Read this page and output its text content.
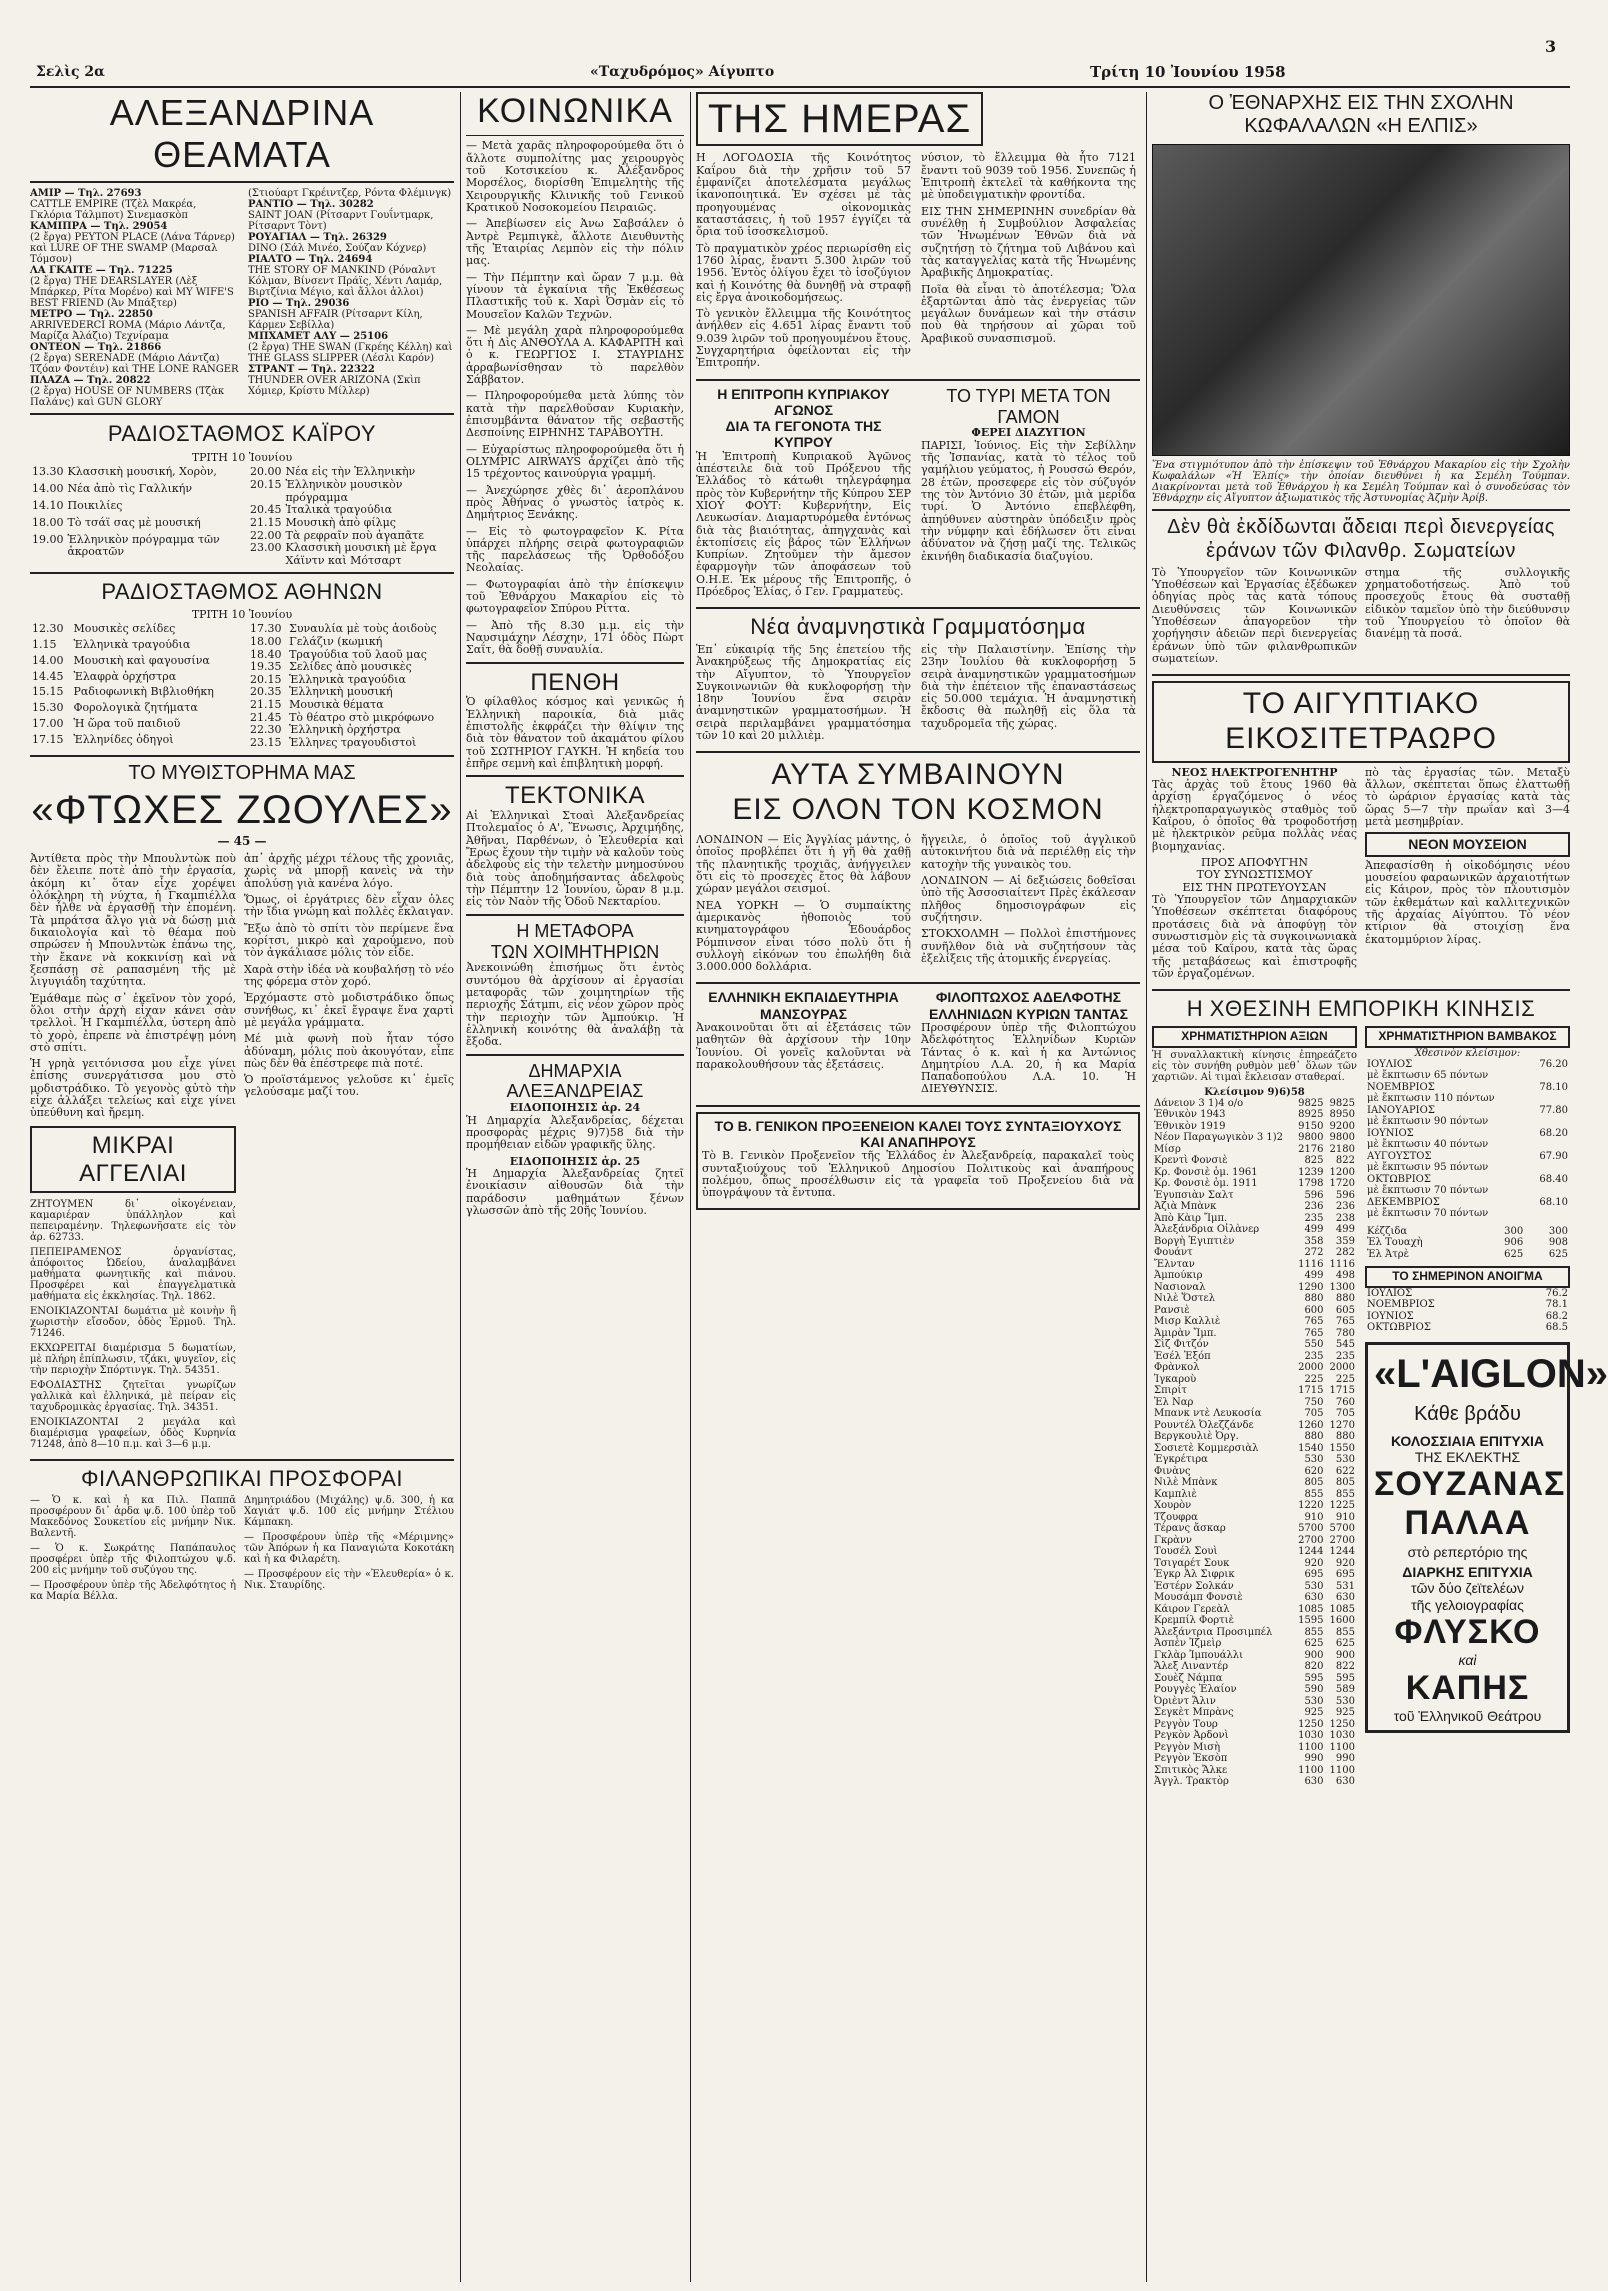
3
Σελὶς 2α	«Ταχυδρόμος» Αίγυπτο	Τρίτη 10 Ἰουνίου 1958
ΑΛΕΞΑΝΔΡΙΝΑ ΘΕΑΜΑΤΑ
ΑΜΙΡ — Τηλ. 27693
CATTLE EMPIRE (Τζὲλ Μακρέα, Γκλόρια Τάλμποτ) Σινεμασκὸπ
ΚΑΜΙΠΡΑ — Τηλ. 29054
(2 ἔργα) PEYTON PLACE (Λάνα Τάρνερ) καὶ LURE OF THE SWAMP (Μαρσαλ Τόμσον)
ΛΑ ΓΚΑΙΤΕ — Τηλ. 71225
(2 ἔργα) THE DEARSLAYER (Λὲξ Μπάρκερ, Ρίτα Μορένο) καὶ MY WIFE'S BEST FRIEND (Ἀν Μπάξτερ)
ΜΕΤΡΟ — Τηλ. 22850
ARRIVEDERCI ROMA (Μάριο Λάντζα, Μαρίζα Ἀλάζιο) Τεχνίραμα
ΟΝΤΕΟΝ — Τηλ. 21866
(2 ἔργα) SERENADE (Μάριο Λάντζα) Τζόαν Φοντέιν) καὶ THE LONE RANGER
ΠΛΑΖΑ — Τηλ. 20822
(2 ἔργα) HOUSE OF NUMBERS (Τζὰκ Παλάνς) καὶ GUN GLORY
(Στιούαρτ Γκρέιντζερ, Ρόντα Φλέμινγκ)
ΡΑΝΤΙΟ — Τηλ. 30282
SAINT JOAN (Ρίτσαρντ Γουΐντμαρκ, Ρίτσαρντ Τὸντ)
ΡΟΥΑΓΙΑΛ — Τηλ. 26329
DINO (Σάλ Μινέο, Σούζαν Κόχνερ)
ΡΙΑΛΤΟ — Τηλ. 24694
THE STORY OF MANKIND (Ρόναλντ Κόλμαν, Βίνσεντ Πράϊς, Χέντι Λαμάρ, Βιρτζίνια Μέγιο, καὶ ἄλλοι ἀλλοι)
ΡΙΟ — Τηλ. 29036
SPANISH AFFAIR (Ρίτσαρντ Κίλη, Κάρμεν Σεβίλλα)
ΜΠΧΑΜΕΤ ΑΛΥ — 25106
(2 ἔργα) THE SWAN (Γκρέης Κέλλη) καὶ THE GLASS SLIPPER (Λέσλι Καρόν)
ΣΤΡΑΝΤ — Τηλ. 22322
THUNDER OVER ARIZONA (Σκὶπ Χόμιερ, Κρίστυ Μίλλερ)
ΡΑΔΙΟΣΤΑΘΜΟΣ ΚΑΪΡΟΥ
ΤΡΙΤΗ 10 Ἰουνίου
13.30	Κλασσικὴ μουσική, Χορὸν,
14.00	Νέα ἀπὸ τὶς Γαλλικήν
14.10	Ποικιλίες
18.00	Τὸ τσάϊ σας μὲ μουσική
19.00	Ἑλληνικὸν πρόγραμμα τῶν ἀκροατῶν
20.00	Νέα εἰς τὴν Ἑλληνικὴν
20.15	Ἑλληνικὸν μουσικὸν πρόγραμμα
20.45	Ἰταλικὰ τραγούδια
21.15	Μουσικὴ ἀπὸ φίλμς
22.00	Τὰ ρεφραῖν ποὺ ἀγαπᾶτε
23.00	Κλασσικὴ μουσικὴ μὲ ἔργα Χάϊντν καὶ Μότσαρτ
ΡΑΔΙΟΣΤΑΘΜΟΣ ΑΘΗΝΩΝ
ΤΡΙΤΗ 10 Ἰουνίου
12.30	Μουσικὲς σελίδες
1.15	Ἑλληνικὰ τραγούδια
14.00	Μουσικὴ καὶ φαγουσίνα
14.45	Ἐλαφρὰ ὀρχήστρα
15.15	Ραδιοφωνικὴ Βιβλιοθήκη
15.30	Φορολογικὰ ζητήματα
17.00	Ἡ ὥρα τοῦ παιδιοῦ
17.15	Ἑλληνίδες ὁδηγοὶ
17.30	Συναυλία μὲ τοὺς ἀοιδοὺς
18.00	Γελάζιν (κωμική
18.40	Τραγούδια τοῦ λαοῦ μας
19.35	Σελίδες ἀπὸ μουσικὲς
20.15	Ἑλληνικὰ τραγούδια
20.35	Ἑλληνικὴ μουσική
21.15	Μουσικὰ θέματα
21.45	Τὸ θέατρο στὸ μικρόφωνο
22.30	Ἑλληνικὴ ὀρχήστρα
23.15	Ἑλληνες τραγουδιστοὶ
ΤΟ ΜΥΘΙΣΤΟΡΗΜΑ ΜΑΣ
«ΦΤΩΧΕΣ ΖΩΟΥΛΕΣ»
— 45 —

Ἀντίθετα πρὸς τὴν Μπουλντὼκ ποὺ δὲν ἔλειπε ποτὲ ἀπὸ τὴν ἐργασία, ἀκόμη κι᾽ ὅταν εἶχε χορέψει ὁλόκληρη τὴ νύχτα, ἡ Γκαμπιέλλα δὲν ἦλθε νὰ ἐργασθῇ τὴν ἑπομένη. Τὰ μπράτσα ἄλγο γιὰ νὰ δώσῃ μιὰ δικαιολογία καὶ τὸ θέαμα ποὺ σπρώσεν ἡ Μπουλντὼκ ἐπάνω της, τὴν ἔκανε νὰ κοκκινίσῃ καὶ νὰ ξεσπάσῃ σὲ ραπασμένη τῆς μὲ λιγυγιάδη ταχύτητα.

Ἐμάθαμε πὼς σ᾽ ἐκεῖνον τὸν χορό, ὅλοι στὴν ἀρχὴ εἶχαν κάνει σὰν τρελλοὶ. Ἡ Γκαμπιέλλα, ὑστερη ἀπὸ τὸ χορὸ, ἐπρεπε νὰ ἐπιστρέψῃ μόνη στὸ σπίτι.

Ἡ γρηὰ γειτόνισσα μου εἶχε γίνει ἐπίσης συνεργάτισσα μου στὸ μοδιστράδικο. Τὸ γεγονὸς αὐτὸ τὴν εἶχε ἀλλάξει τελείως καὶ εἶχε γίνει ὑπεύθυνη καὶ ἤρεμη.

ΜΙΚΡΑΙ
ΑΓΓΕΛΙΑΙ

ΖΗΤΟΥΜΕΝ δι᾽ οἰκογένειαν, καμαριέραν ὑπάλληλον καὶ πεπειραμένην. Τηλεφωνῆσατε εἰς τὸν ἀρ. 62733.

ΠΕΠΕΙΡΑΜΕΝΟΣ ὀργανίστας, ἀπόφοιτος Ὠδείου, ἀναλαμβάνει μαθήματα φωνητικῆς καὶ πιάνου. Προσφέρει καὶ ἐπαγγελματικὰ μαθήματα εἰς ἐκκλησίας. Τηλ. 1862.

ΕΝΟΙΚΙΑΖΟΝΤΑΙ δωμάτια μὲ κοινὴν ἢ χωριστὴν εἴσοδον, ὁδὸς Ἑρμοῦ. Τηλ. 71246.

ΕΚΧΩΡΕΙΤΑΙ διαμέρισμα 5 δωματίων, μὲ πλήρη ἐπίπλωσιν, τζάκι, ψυγεῖον, εἰς τὴν περιοχὴν Σπόρτινγκ. Τηλ. 54351.

ΕΦΟΔΙΑΣΤΗΣ ζητεῖται γνωρίζων γαλλικὰ καὶ ἑλληνικά, μὲ πείραν εἰς ταχυδρομικὰς ἐργασίας. Τηλ. 34351.

ΕΝΟΙΚΙΑΖΟΝΤΑΙ 2 μεγάλα καὶ διαμέρισμα γραφείων, ὁδὸς Κυρηνία 71248, ἀπὸ 8—10 π.μ. καὶ 3—6 μ.μ.

ἀπ᾽ ἀρχῆς μέχρι τέλους τῆς χρονιᾶς, χωρὶς νὰ μπορῇ κανεὶς νὰ τὴν ἀπολύσῃ γιὰ κανένα λόγο.

Ὅμως, οἱ ἐργάτριες δὲν εἶχαν ὁλες τὴν ἴδια γνώμη καὶ πολλὲς ἔκλαιγαν.

Ἔξω ἀπὸ τὸ σπίτι τὸν περίμενε ἕνα κορίτσι, μικρὸ καὶ χαρούμενο, ποὺ τὸν ἀγκάλιασε μόλις τὸν εἶδε.

Χαρὰ στὴν ἰδέα νὰ κουβαλήσῃ τὸ νέο της φόρεμα στὸν χορό.

Ἐρχόμαστε στὸ μοδιστράδικο ὅπως συνήθως, κι᾽ ἐκεῖ ἔγραψε ἕνα χαρτὶ μὲ μεγάλα γράμματα.

Μέ μιὰ φωνὴ ποὺ ἦταν τόσο ἀδύναμη, μόλις ποὺ ἀκουγόταν, εἶπε πὼς δὲν θὰ ἐπέστρεφε πιὰ ποτέ.

Ὁ προϊστάμενος γελοῦσε κι᾽ ἐμεῖς γελούσαμε μαζί του.

ΦΙΛΑΝΘΡΩΠΙΚΑΙ ΠΡΟΣΦΟΡΑΙ

— Ὁ κ. καὶ ἡ κα Πιλ. Παππᾶ προσφέρουν δι᾽ ἀρδα ψ.δ. 100 ὑπὲρ τοῦ Μακεδόνος Σουκετίου εἰς μνήμην Νικ. Βαλεντῆ.

— Ὁ κ. Σωκράτης Παπάπαυλος προσφέρει ὑπὲρ τῆς Φιλοπτώχου ψ.δ. 200 εἰς μνήμην τοῦ συζύγου της.

— Προσφέρουν ὑπὲρ τῆς Ἀδελφότητος ἡ κα Μαρία Βέλλα.

Δημητριάδου (Μιχάλης) ψ.δ. 300, ἡ κα Χαγιάτ ψ.δ. 100 εἰς μνήμην Στέλιου Κάμπακη.

— Προσφέρουν ὑπὲρ τῆς «Μέριμνης» τῶν Ἀπόρων ἡ κα Παναγιώτα Κοκοτάκη καὶ ἡ κα Φιλαρέτη.

— Προσφέρουν εἰς τὴν «Ἐλευθερία» ὁ κ. Νικ. Σταυρίδης.

ΚΟΙΝΩΝΙΚΑ

— Μετὰ χαρᾶς πληροφορούμεθα ὅτι ὁ ἄλλοτε συμπολίτης μας χειρουργὸς τοῦ Κοτσικείου κ. Ἀλέξανδρος Μορσέλος, διορίσθη Ἐπιμελητὴς τῆς Χειρουργικῆς Κλινικῆς τοῦ Γενικοῦ Κρατικοῦ Νοσοκομείου Πειραιῶς.

— Ἀπεβίωσεν εἰς Ἀνω Σαβσάλεν ὁ Ἀντρὲ Ρεμπιγκὲ, ἄλλοτε Διευθυντὴς τῆς Ἑταιρίας Λεμπὸν εἰς τὴν πόλιν μας.

— Τὴν Πέμπτην καὶ ὥραν 7 μ.μ. θὰ γίνουν τὰ ἐγκαίνια τῆς Ἐκθέσεως Πλαστικῆς τοῦ κ. Χαρὶ Ὀσμὰν εἰς τὸ Μουσεῖον Καλῶν Τεχνῶν.

— Μὲ μεγάλη χαρὰ πληροφορούμεθα ὅτι ἡ Δὶς ΑΝΘΟΥΛΑ Α. ΚΑΦΑΡΙΤΗ καὶ ὁ κ. ΓΕΩΡΓΙΟΣ Ι. ΣΤΑΥΡΙΔΗΣ ἀρραβωνίσθησαν τὸ παρελθὸν Σάββατον.

— Πληροφορούμεθα μετὰ λύπης τὸν κατὰ τὴν παρελθοῦσαν Κυριακὴν, ἐπισυμβάντα θάνατον τῆς σεβαστῆς Δεσποίνης ΕΙΡΗΝΗΣ ΤΑΡΑΒΟΥΤΗ.

— Εὐχαρίστως πληροφορούμεθα ὅτι ἡ OLYMPIC AIRWAYS ἀρχίζει ἀπὸ τῆς 15 τρέχοντος καινούργια γραμμή.

— Ἀνεχώρησε χθὲς δι᾽ ἀεροπλάνου πρὸς Ἀθήνας ὁ γνωστὸς ἰατρὸς κ. Δημήτριος Ξενάκης.

— Εἰς τὸ φωτογραφεῖον Κ. Ρίτα ὑπάρχει πλήρης σειρὰ φωτογραφιῶν τῆς παρελάσεως τῆς Ὀρθοδόξου Νεολαίας.

— Φωτογραφίαι ἀπὸ τὴν ἐπίσκεψιν τοῦ Ἐθνάρχου Μακαρίου εἰς τὸ φωτογραφεῖον Σπύρου Ρίττα.

— Ἀπὸ τῆς 8.30 μ.μ. εἰς τὴν Ναυσιμάχην Λέσχην, 171 ὁδὸς Πὼρτ Σαΐτ, θὰ δοθῇ συναυλία.

ΠΕΝΘΗ

Ὁ φίλαθλος κόσμος καὶ γενικῶς ἡ Ἑλληνικὴ παροικία, διὰ μιᾶς ἐπιστολῆς ἐκφράζει τὴν θλίψιν της διὰ τὸν θάνατον τοῦ ἀκαμάτου φίλου τοῦ ΣΩΤΗΡΙΟΥ ΓΑΥΚΗ. Ἡ κηδεία του ἐπῆρε σεμνὴ καὶ ἐπιβλητικὴ μορφή.

ΤΕΚΤΟΝΙΚΑ

Αἱ Ἑλληνικαὶ Στοαὶ Ἀλεξανδρείας Πτολεμαῖος ὁ Α', Ἕνωσις, Ἀρχιμήδης, Ἀθῆναι, Παρθένων, ὁ Ἐλευθερία καὶ Ἔρως ἔχουν τὴν τιμὴν νὰ καλοῦν τοὺς ἀδελφοὺς εἰς τὴν τελετὴν μνημοσύνου διὰ τοὺς ἀποδημήσαντας ἀδελφοὺς τὴν Πέμπτην 12 Ἰουνίου, ὥραν 8 μ.μ. εἰς τὸν Ναὸν τῆς Ὁδοῦ Νεκταρίου.

Η ΜΕΤΑΦΟΡΑ
ΤΩΝ ΧΟΙΜΗΤΗΡΙΩΝ

Ἀνεκοινώθη ἐπισήμως ὅτι ἐντὸς συντόμου θὰ ἀρχίσουν αἱ ἐργασίαι μεταφορᾶς τῶν χοιμητηρίων τῆς περιοχῆς Σάτμπι, εἰς νέον χῶρον πρὸς τὴν περιοχὴν τῶν Ἀμπούκιρ. Ἡ ἑλληνικὴ κοινότης θὰ ἀναλάβῃ τὰ ἔξοδα.

ΔΗΜΑΡΧΙΑ ΑΛΕΞΑΝΔΡΕΙΑΣ
ΕΙΔΟΠΟΙΗΣΙΣ ἀρ. 24

Ἡ Δημαρχία Ἀλεξανδρείας, δέχεται προσφορὰς μέχρις 9)7)58 διὰ τὴν προμήθειαν εἰδῶν γραφικῆς ὕλης.

ΕΙΔΟΠΟΙΗΣΙΣ ἀρ. 25

Ἡ Δημαρχία Ἀλεξανδρείας ζητεῖ ἐνοικίασιν αἰθουσῶν διὰ τὴν παράδοσιν μαθημάτων ξένων γλωσσῶν ἀπὸ τῆς 20ῆς Ἰουνίου.

ΤΗΣ ΗΜΕΡΑΣ

Η ΛΟΓΟΔΟΣΙΑ τῆς Κοινότητος Καΐρου διὰ τὴν χρῆσιν τοῦ 57 ἐμφανίζει ἀποτελέσματα μεγάλως ἱκανοποιητικά. Ἐν σχέσει μὲ τὰς προηγουμένας οἰκονομικὰς καταστάσεις, ἡ τοῦ 1957 ἐγγίζει τὰ ὅρια τοῦ ἰσοσκελισμοῦ.

Τὸ πραγματικὸν χρέος περιωρίσθη εἰς 1760 λίρας, ἔναντι 5.300 λιρῶν τοῦ 1956. Ἐντὸς ὀλίγου ἔχει τὸ ἰσοζύγιον καὶ ἡ Κοινότης θὰ δυνηθῇ νὰ στραφῇ εἰς ἔργα ἀνοικοδομήσεως.

Τὸ γενικὸν ἔλλειμμα τῆς Κοινότητος ἀνήλθεν εἰς 4.651 λίρας ἔναντι τοῦ 9.039 λιρῶν τοῦ προηγουμένου ἔτους. Συγχαρητήρια ὀφείλονται εἰς τὴν Ἐπιτροπήν.

νύσιον, τὸ ἔλλειμμα θὰ ἦτο 7121 ἔναντι τοῦ 9039 τοῦ 1956. Συνεπῶς ἡ Ἐπιτροπὴ ἐκτελεῖ τὰ καθήκοντα της μὲ ὑποδειγματικὴν φροντίδα.

ΕΙΣ ΤΗΝ ΣΗΜΕΡΙΝΗΝ συνεδρίαν θὰ συνέλθῃ ἡ Συμβούλιον Ἀσφαλείας τῶν Ἡνωμένων Ἐθνῶν διὰ νὰ συζητήσῃ τὸ ζήτημα τοῦ Λιβάνου καὶ τὰς καταγγελίας κατὰ τῆς Ἡνωμένης Ἀραβικῆς Δημοκρατίας.

Ποῖα θὰ εἶναι τὸ ἀποτέλεσμα; Ὅλα ἐξαρτῶνται ἀπὸ τὰς ἐνεργείας τῶν μεγάλων δυνάμεων καὶ τὴν στάσιν ποὺ θὰ τηρήσουν αἱ χῶραι τοῦ Ἀραβικοῦ συνασπισμοῦ.

Η ΕΠΙΤΡΟΠΗ ΚΥΠΡΙΑΚΟΥ ΑΓΩΝΟΣ
ΔΙΑ ΤΑ ΓΕΓΟΝΟΤΑ ΤΗΣ ΚΥΠΡΟΥ

Ἡ Ἐπιτροπὴ Κυπριακοῦ Ἀγῶνος ἀπέστειλε διὰ τοῦ Πρόξενου τῆς Ἑλλάδος τὸ κάτωθι τηλεγράφημα πρὸς τὸν Κυβερνήτην τῆς Κύπρου ΣΕΡ ΧΙΟΥ ΦΟΥΤ: Κυβερνήτην, Εἰς Λευκωσίαν. Διαμαρτυρόμεθα ἐντόνως διὰ τὰς βιαιότητας, ἀπηγχανὰς καὶ ἐκτοπίσεις εἰς βάρος τῶν Ἑλλήνων Κυπρίων. Ζητοῦμεν τὴν ἄμεσον ἐφαρμογὴν τῶν ἀποφάσεων τοῦ Ο.Η.Ε. Ἐκ μέρους τῆς Ἐπιτροπῆς, ὁ Πρόεδρος Ἐλίας, ὁ Γεν. Γραμματεὺς.

ΤΟ ΤΥΡΙ ΜΕΤΑ ΤΟΝ ΓΑΜΟΝ
ΦΕΡΕΙ ΔΙΑΖΥΓΙΟΝ

ΠΑΡΙΣΙ, Ἰούνιος. Εἰς τὴν Σεβίλλην τῆς Ἱσπανίας, κατὰ τὸ τέλος τοῦ γαμήλιου γεύματος, ἡ Ρουσσώ Θερόν, 28 ἐτῶν, προσεφερε εἰς τὸν σύζυγόν της τὸν Ἀντόνιο 30 ἐτῶν, μιὰ μερίδα τυρί. Ὁ Ἀντόνιο ἐπεβλέφθη, ἀπηύθυνεν αὐστηρὰν ὑπόδειξιν πρὸς τὴν νύμφην καὶ ἐδήλωσεν ὅτι εἶναι ἀδύνατον νὰ ζήσῃ μαζί της. Τελικῶς ἐκινήθη διαδικασία διαζυγίου.

Νέα ἀναμνηστικὰ Γραμματόσημα

Ἐπ᾽ εὐκαιρίᾳ τῆς 5ης ἐπετείου τῆς Ἀνακηρύξεως τῆς Δημοκρατίας εἰς τὴν Αἴγυπτον, τὸ Ὑπουργεῖον Συγκοινωνιῶν θὰ κυκλοφορήσῃ τὴν 18ην Ἰουνίου ἕνα σειρὰν ἀναμνηστικῶν γραμματοσήμων. Ἡ σειρὰ περιλαμβάνει γραμματόσημα τῶν 10 καὶ 20 μιλλιὲμ.

εἰς τὴν Παλαιστίνην. Ἐπίσης τὴν 23ην Ἰουλίου θὰ κυκλοφορήσῃ 5 σειρὰ ἀναμνηστικῶν γραμματοσήμων διὰ τὴν ἐπέτειον τῆς ἐπαναστάσεως εἰς 50.000 τεμάχια. Ἡ ἀναμνηστικὴ ἔκδοσις θὰ πωληθῇ εἰς ὅλα τὰ ταχυδρομεῖα τῆς χώρας.

ΑΥΤΑ ΣΥΜΒΑΙΝΟΥΝ
ΕΙΣ ΟΛΟΝ ΤΟΝ ΚΟΣΜΟΝ

ΛΟΝΔΙΝΟΝ — Εἰς Ἀγγλίας μάντης, ὁ ὁποῖος προβλέπει ὅτι ἡ γῆ θὰ χαθῇ τῆς πλανητικῆς τροχιᾶς, ἀνήγγειλεν ὅτι εἰς τὸ προσεχὲς ἔτος θὰ λάβουν χώραν μεγάλοι σεισμοί.

ΝΕΑ ΥΟΡΚΗ — Ὁ συμπαίκτης ἀμερικανὸς ἠθοποιὸς τοῦ κινηματογράφου Ἐδουάρδος Ρόμπινσον εἶναι τόσο πολὺ ὅτι ἡ συλλογὴ εἰκόνων του ἐπωλήθη διὰ 3.000.000 δολλάρια.

ἤγγειλε, ὁ ὁποῖος τοῦ ἀγγλικοῦ αὐτοκινήτου διὰ νὰ περιέλθῃ εἰς τὴν κατοχὴν τῆς γυναικὸς του.

ΛΟΝΔΙΝΟΝ — Αἱ δεξιώσεις δοθεῖσαι ὑπὸ τῆς Ἀσσοσιαίτεντ Πρὲς ἐκάλεσαν πλῆθος δημοσιογράφων εἰς συζήτησιν.

ΣΤΟΚΧΟΛΜΗ — Πολλοὶ ἐπιστήμονες συνῆλθον διὰ νὰ συζητήσουν τὰς ἐξελίξεις τῆς ἀτομικῆς ἐνεργείας.

ΕΛΛΗΝΙΚΗ ΕΚΠΑΙΔΕΥΤΗΡΙΑ ΜΑΝΣΟΥΡΑΣ

Ἀνακοινοῦται ὅτι αἱ ἐξετάσεις τῶν μαθητῶν θὰ ἀρχίσουν τὴν 10ην Ἰουνίου. Οἱ γονεῖς καλοῦνται νὰ παρακολουθήσουν τὰς ἐξετάσεις.

ΦΙΛΟΠΤΩΧΟΣ ΑΔΕΛΦΟΤΗΣ ΕΛΛΗΝΙΔΩΝ ΚΥΡΙΩΝ ΤΑΝΤΑΣ

Προσφέρουν ὑπὲρ τῆς Φιλοπτώχου Ἀδελφότητος Ἑλληνίδων Κυριῶν Τάντας ὁ κ. καὶ ἡ κα Ἀντώνιος Δημητρίου Λ.Α. 20, ἡ κα Μαρία Παπαδοπούλου Λ.Α. 10. Ἡ ΔΙΕΥΘΥΝΣΙΣ.

ΤΟ Β. ΓΕΝΙΚΟΝ ΠΡΟΞΕΝΕΙΟΝ ΚΑΛΕΙ ΤΟΥΣ ΣΥΝΤΑΞΙΟΥΧΟΥΣ ΚΑΙ ΑΝΑΠΗΡΟΥΣ

Τὸ Β. Γενικὸν Προξενεῖον τῆς Ἑλλάδος ἐν Ἀλεξανδρείᾳ, παρακαλεῖ τοὺς συνταξιούχους τοῦ Ἑλληνικοῦ Δημοσίου Πολιτικοὺς καὶ ἀναπήρους πολέμου, ὅπως προσέλθωσιν εἰς τὰ γραφεῖα τοῦ Προξενείου διὰ νὰ ὑπογράψουν τὰ ἔντυπα.

Ο ἘΘΝΑΡΧΗΣ ΕΙΣ ΤΗΝ ΣΧΟΛΗΝ
ΚΩΦΑΛΑΛΩΝ «Η ΕΛΠΙΣ»

Ἕνα στιγμιότυπον ἀπὸ τὴν ἐπίσκεψιν τοῦ Ἐθνάρχου Μακαρίου εἰς τὴν Σχολὴν Κωφαλάλων «Ἡ Ἐλπίς» τὴν ὁποίαν διευθύνει ἡ κα Σεμέλη Τούμπαν. Διακρίνονται μετὰ τοῦ Ἐθνάρχου ἡ κα Σεμέλη Τούμπαν καὶ ὁ συνοδεύσας τὸν Ἐθνάρχην εἰς Αἴγυπτον ἀξιωματικὸς τῆς Ἀστυνομίας Ἀζμὴν Ἀρίβ.

Δὲν θὰ ἐκδίδωνται ἄδειαι περὶ διενεργείας ἐράνων τῶν Φιλανθρ. Σωματείων

Τὸ Ὑπουργεῖον τῶν Κοινωνικῶν Ὑποθέσεων καὶ Ἐργασίας ἐξέδωκεν ὁδηγίας πρὸς τὰς κατὰ τόπους Διευθύνσεις τῶν Κοινωνικῶν Ὑποθέσεων ἀπαγορεῦον τὴν χορήγησιν ἀδειῶν περὶ διενεργείας ἐράνων ὑπὸ τῶν φιλανθρωπικῶν σωματείων.

στημα τῆς συλλογικῆς χρηματοδοτήσεως. Ἀπὸ τοῦ προσεχοῦς ἔτους θὰ συσταθῇ εἰδικὸν ταμεῖον ὑπὸ τὴν διεύθυνσιν τοῦ Ὑπουργείου τὸ ὁποῖον θὰ διανέμῃ τὰ ποσά.

ΤΟ ΑΙΓΥΠΤΙΑΚΟ ΕΙΚΟΣΙΤΕΤΡΑΩΡΟ
ΝΕΟΣ ΗΛΕΚΤΡΟΓΕΝΗΤΗΡ

Τὰς ἀρχὰς τοῦ ἔτους 1960 θὰ ἀρχίσῃ ἐργαζόμενος ὁ νέος ἠλεκτροπαραγωγικὸς σταθμὸς τοῦ Καΐρου, ὁ ὁποῖος θὰ τροφοδοτήσῃ μὲ ἠλεκτρικὸν ρεῦμα πολλὰς νέας βιομηχανίας.

ΠΡΟΣ ΑΠΟΦΥΓΗΝ
ΤΟΥ ΣΥΝΩΣΤΙΣΜΟΥ
ΕΙΣ ΤΗΝ ΠΡΩΤΕΥΟΥΣΑΝ

Τὸ Ὑπουργεῖον τῶν Δημαρχιακῶν Ὑποθέσεων σκέπτεται διαφόρους προτάσεις διὰ νὰ ἀποφύγῃ τὸν συνωστισμὸν εἰς τὰ συγκοινωνιακὰ μέσα τοῦ Καΐρου, κατὰ τὰς ὥρας τῆς μεταβάσεως καὶ ἐπιστροφῆς τῶν ἐργαζομένων.

πὸ τὰς ἐργασίας τῶν. Μεταξὺ ἄλλων, σκέπτεται ὅπως ἐλαττωθῇ τὸ ὡράριον ἐργασίας κατὰ τὰς ὥρας 5—7 τὴν πρωΐαν καὶ 3—4 μετὰ μεσημβρίαν.

ΝΕΟΝ ΜΟΥΣΕΙΟΝ

Ἀπεφασίσθη ἡ οἰκοδόμησις νέου μουσείου φαραωνικῶν ἀρχαιοτήτων εἰς Κάιρον, πρὸς τὸν πλουτισμὸν τῶν ἐκθεμάτων καὶ καλλιτεχνικῶν τῆς ἀρχαίας Αἰγύπτου. Τὸ νέον κτίριον θὰ στοιχίσῃ ἕνα ἑκατομμύριον λίρας.

Η ΧΘΕΣΙΝΗ ΕΜΠΟΡΙΚΗ ΚΙΝΗΣΙΣ
ΧΡΗΜΑΤΙΣΤΗΡΙΟΝ ΑΞΙΩΝ

Ἡ συναλλακτικὴ κίνησις ἐπηρεάζετο εἰς τὸν συνήθη ρυθμὸν μεθ᾽ ὅλων τῶν χαρτιῶν. Αἱ τιμαὶ ἔκλεισαν σταθεραί.

Κλείσιμον 9)6)58
Δάνειον 3 1)4 ο/ο	9825	9825
Ἐθνικὸν 1943	8925	8950
Ἐθνικὸν 1919	9150	9200
Νέον Παραγωγικὸν 3 1)2	9800	9800
Μίσρ	2176	2180
Κρεντὶ Φονσιὲ	825	822
Κρ. Φονσιὲ ὁμ. 1961	1239	1200
Κρ. Φονσιὲ ὁμ. 1911	1798	1720
Ἐγυπσιὰν Σαλτ	596	596
Ἀζιὰ Μπὰνκ	236	236
Ἀπὸ Κὰιρ Ἴμπ.	235	238
Ἀλεξάνδρια Οἰλὰνερ	499	499
Βοργὴ Ἐγιπτιὲν	358	359
Φουάντ	272	282
Ἔλνταν	1116	1116
Ἀμπούκιρ	499	498
Νασιοναλ	1290	1300
Νιλὲ Ὅστελ	880	880
Ρανσιὲ	600	605
Μισρ Καλλιὲ	765	765
Ἀμιρὰν Ἴμπ.	765	780
Σὶζ Φιτζόν	550	545
Ἐσέλ Ἐξόπ	235	235
Φρὰνκολ	2000	2000
Ἰγκαροὺ	225	225
Σπιρίτ	1715	1715
Ἐλ Ναρ	750	760
Μπανκ ντὲ Λευκοσία	705	705
Ρουντέλ Ὀλεζζάνδε	1260	1270
Βεργκουλιὲ Ὀργ.	880	880
Σοσιετὲ Κομμερσιὰλ	1540	1550
Ἐγκρέτιρα	530	530
Φινὰνς	620	622
Νιλὲ Μπὰνκ	805	805
Καμπλιὲ	855	855
Χουρὸν	1220	1225
Τζουφρα	910	910
Τέρανς ἄσκαρ	5700	5700
Γκρὰνν	2700	2700
Τουσέλ Σουὶ	1244	1244
Τσιγαρέτ Σουκ	920	920
Ἐγκρ Ἀλ Σιφρικ	695	695
Ἐστέρν Σολκάν	530	531
Μουσάμπ Φονσιὲ	630	630
Κάιρον Γερεὰλ	1085	1085
Κρεμπίλ Φορτιὲ	1595	1600
Ἀλεξάντρια Προσιμπέλ	855	855
Ἀσπὲν Ἰζμεὶρ	625	625
Γκλὰρ Ἰμπουάλλι	900	900
Ἄλεξ Λιναντέρ	820	822
Σουὲζ Νάμπα	595	595
Ρουγγὲς Ἐλαίον	590	589
Ὀριὲντ Ἄλιν	530	530
Σεγκὲτ Μπρὰνς	925	925
Ρεγγὸν Τουρ	1250	1250
Ρεγκὸν Ἀρδονὶ	1030	1030
Ρεγγὸν Μισὴ	1100	1100
Ρεγγὸν Ἐκσὸπ	990	990
Σπιτικὸς Ἄλκε	1100	1100
Ἀγγλ. Τρακτὸρ	630	630
ΧΡΗΜΑΤΙΣΤΗΡΙΟΝ ΒΑΜΒΑΚΟΣ
Χθεσινὸν κλείσιμον:
ΙΟΥΛΙΟΣ	76.20
μὲ ἔκπτωσιν 65 πόντων	
ΝΟΕΜΒΡΙΟΣ	78.10
μὲ ἔκπτωσιν 110 πόντων	
ΙΑΝΟΥΑΡΙΟΣ	77.80
μὲ ἔκπτωσιν 90 πόντων	
ΙΟΥΝΙΟΣ	68.20
μὲ ἔκπτωσιν 40 πόντων	
ΑΥΓΟΥΣΤΟΣ	67.90
μὲ ἔκπτωσιν 95 πόντων	
ΟΚΤΩΒΡΙΟΣ	68.40
μὲ ἔκπτωσιν 70 πόντων	
ΔΕΚΕΜΒΡΙΟΣ	68.10
μὲ ἔκπτωσιν 70 πόντων	
Κέζζιδα	300	300
Ἐλ Τουαχὴ	906	908
Ἐλ Ἀτρὲ	625	625
ΤΟ ΣΗΜΕΡΙΝΟΝ ΑΝΟΙΓΜΑ
ΙΟΥΛΙΟΣ	76.2
ΝΟΕΜΒΡΙΟΣ	78.1
ΙΟΥΝΙΟΣ	68.2
ΟΚΤΩΒΡΙΟΣ	68.5
«L'AIGLON»
Κάθε βράδυ
ΚΟΛΟΣΣΙΑΙΑ ΕΠΙΤΥΧΙΑ
ΤΗΣ ΕΚΛΕΚΤΗΣ
ΣΟΥΖΑΝΑΣ
ΠΑΛΑΑ
στὸ ρεπερτόριο της
ΔΙΑΡΚΗΣ ΕΠΙΤΥΧΙΑ
τῶν δύο ζεϊτελέων
τῆς γελοιογραφίας
ΦΛΥΣΚΟ
καὶ
ΚΑΠΗΣ
τοῦ Ἑλληνικοῦ Θεάτρου
